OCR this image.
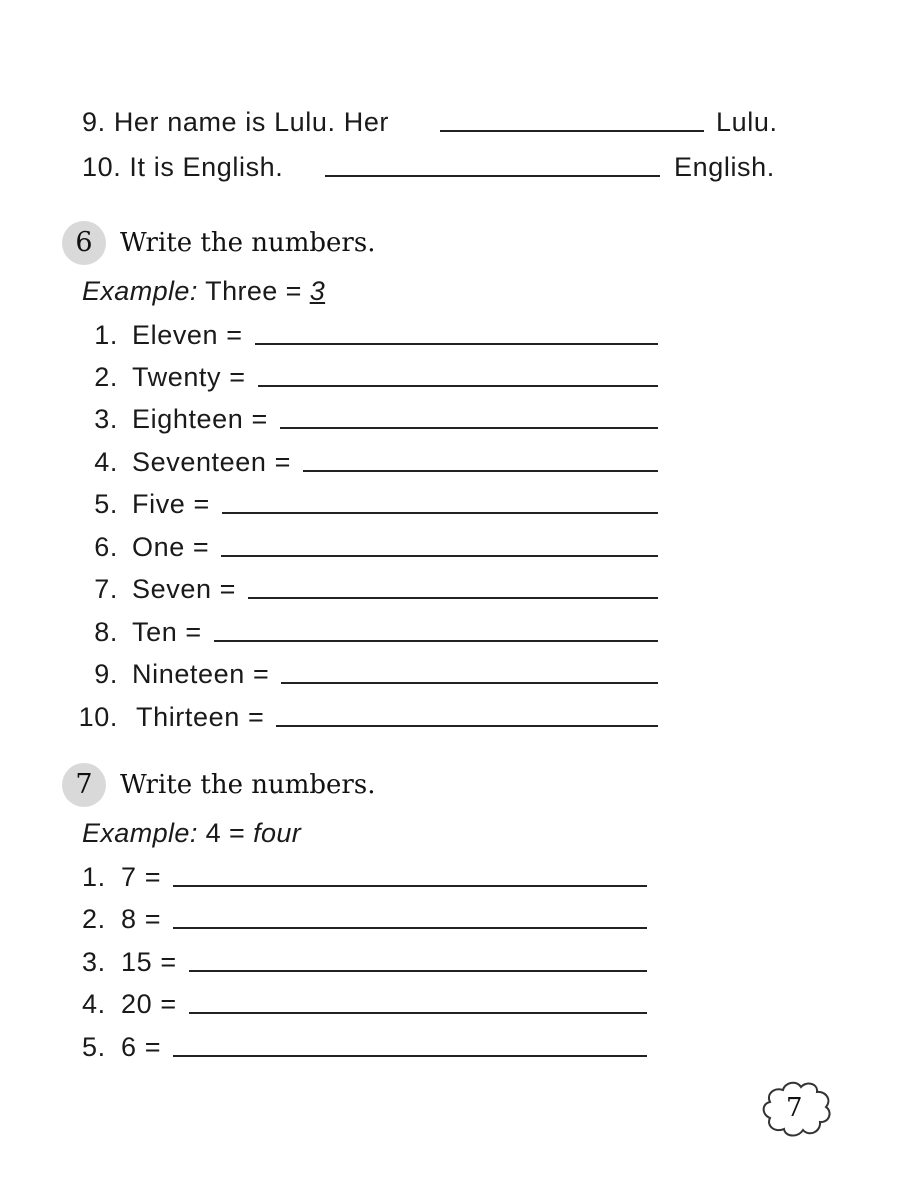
9. Her name is Lulu. Her	Lulu.
10. It is English.	English.
6	Write the numbers.
Example: Three = 3
1. Eleven =
2. Twenty =
3. Eighteen =
4. Seventeen =
5. Five =
6. One =
7. Seven =
8. Ten =
9. Nineteen =
10. Thirteen =
7	Write the numbers.
Example: 4 = four
1. 7 =
2. 8 =
3. 15 =
4. 20 =
5. 6 =
7
